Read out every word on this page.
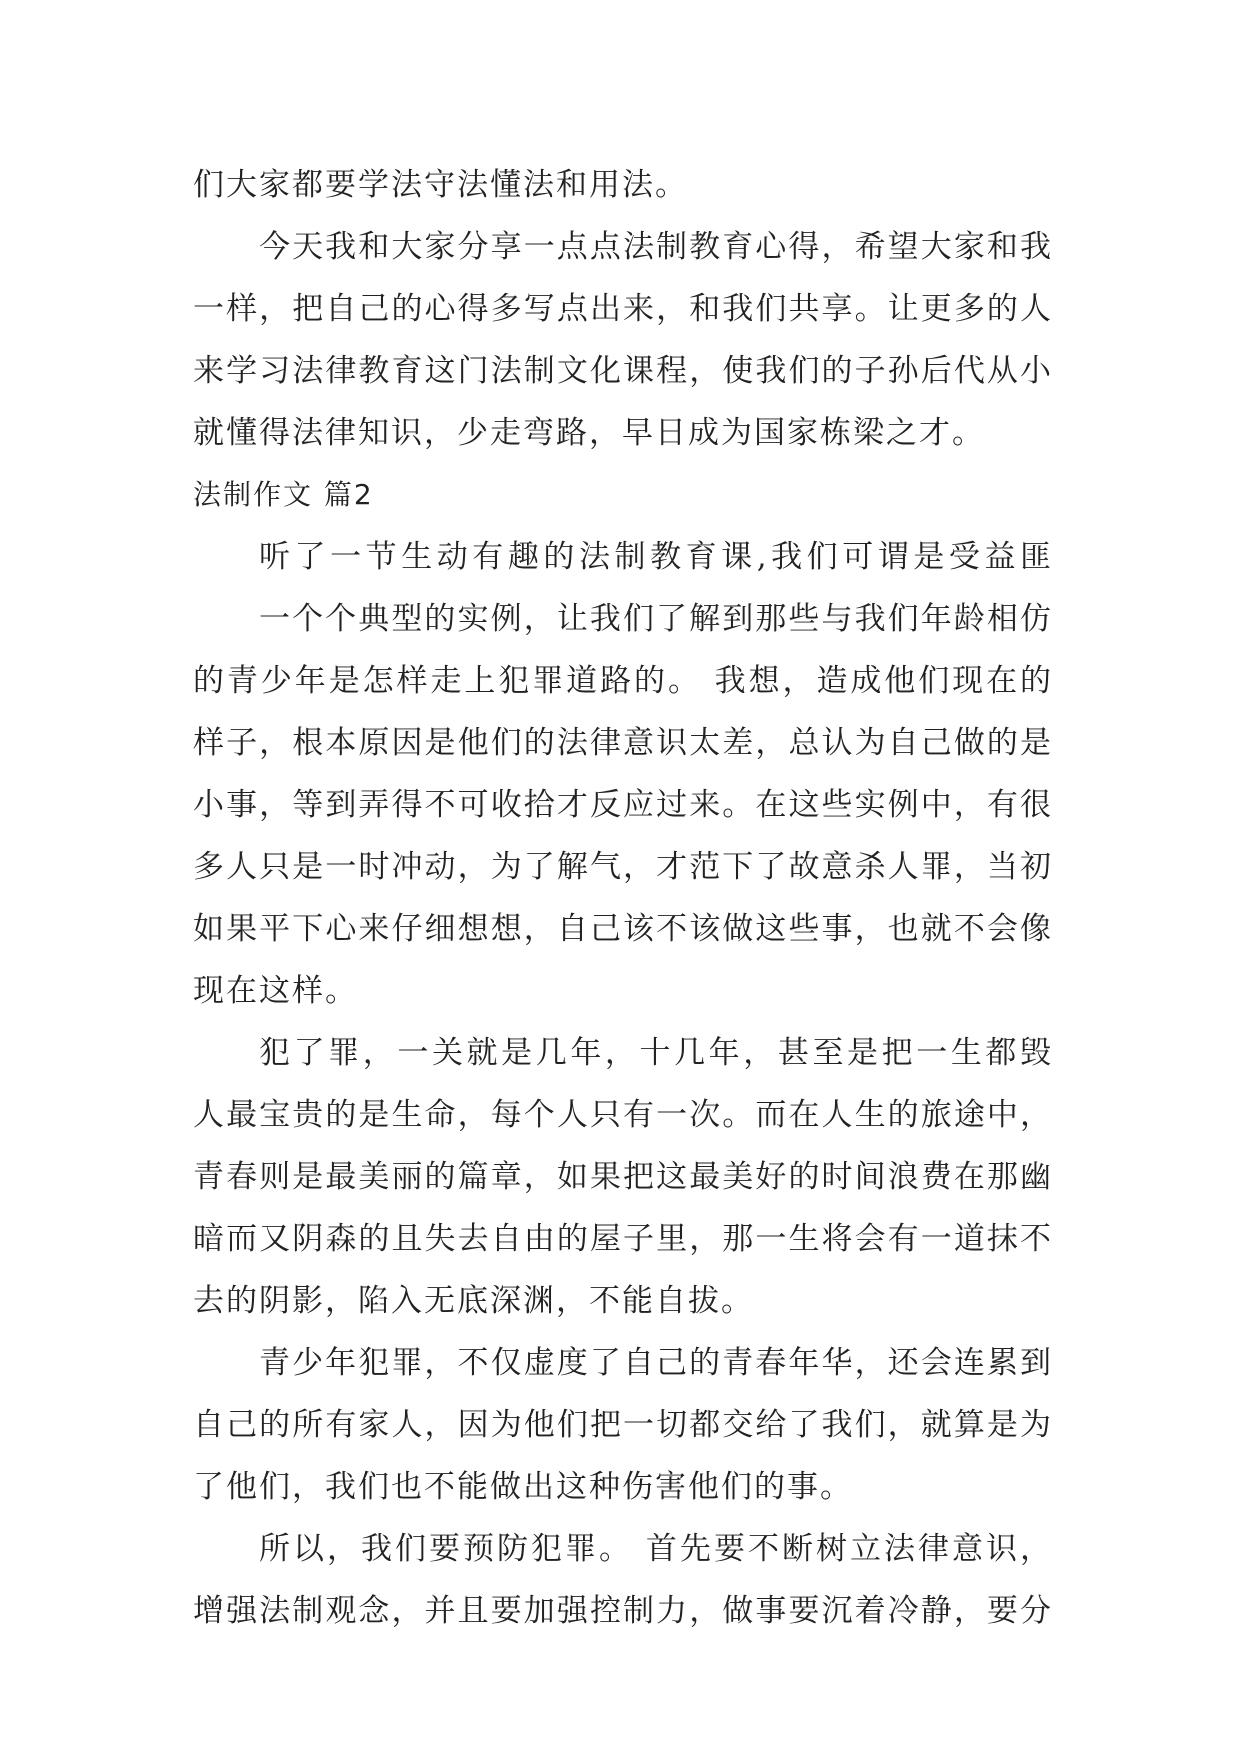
们大家都要学法守法懂法和用法。
今天我和大家分享一点点法制教育心得，希望大家和我
一样，把自己的心得多写点出来，和我们共享。让更多的人
来学习法律教育这门法制文化课程，使我们的子孙后代从小
就懂得法律知识，少走弯路，早日成为国家栋梁之才。
法制作文 篇2
听了一节生动有趣的法制教育课,我们可谓是受益匪
一个个典型的实例，让我们了解到那些与我们年龄相仿
的青少年是怎样走上犯罪道路的。 我想，造成他们现在的
样子，根本原因是他们的法律意识太差，总认为自己做的是
小事，等到弄得不可收拾才反应过来。在这些实例中，有很
多人只是一时冲动，为了解气，才范下了故意杀人罪，当初
如果平下心来仔细想想，自己该不该做这些事，也就不会像
现在这样。
犯了罪，一关就是几年，十几年，甚至是把一生都毁
人最宝贵的是生命，每个人只有一次。而在人生的旅途中，
青春则是最美丽的篇章，如果把这最美好的时间浪费在那幽
暗而又阴森的且失去自由的屋子里，那一生将会有一道抹不
去的阴影，陷入无底深渊，不能自拔。
青少年犯罪，不仅虚度了自己的青春年华，还会连累到
自己的所有家人，因为他们把一切都交给了我们，就算是为
了他们，我们也不能做出这种伤害他们的事。
所以，我们要预防犯罪。 首先要不断树立法律意识，
增强法制观念，并且要加强控制力，做事要沉着冷静，要分
